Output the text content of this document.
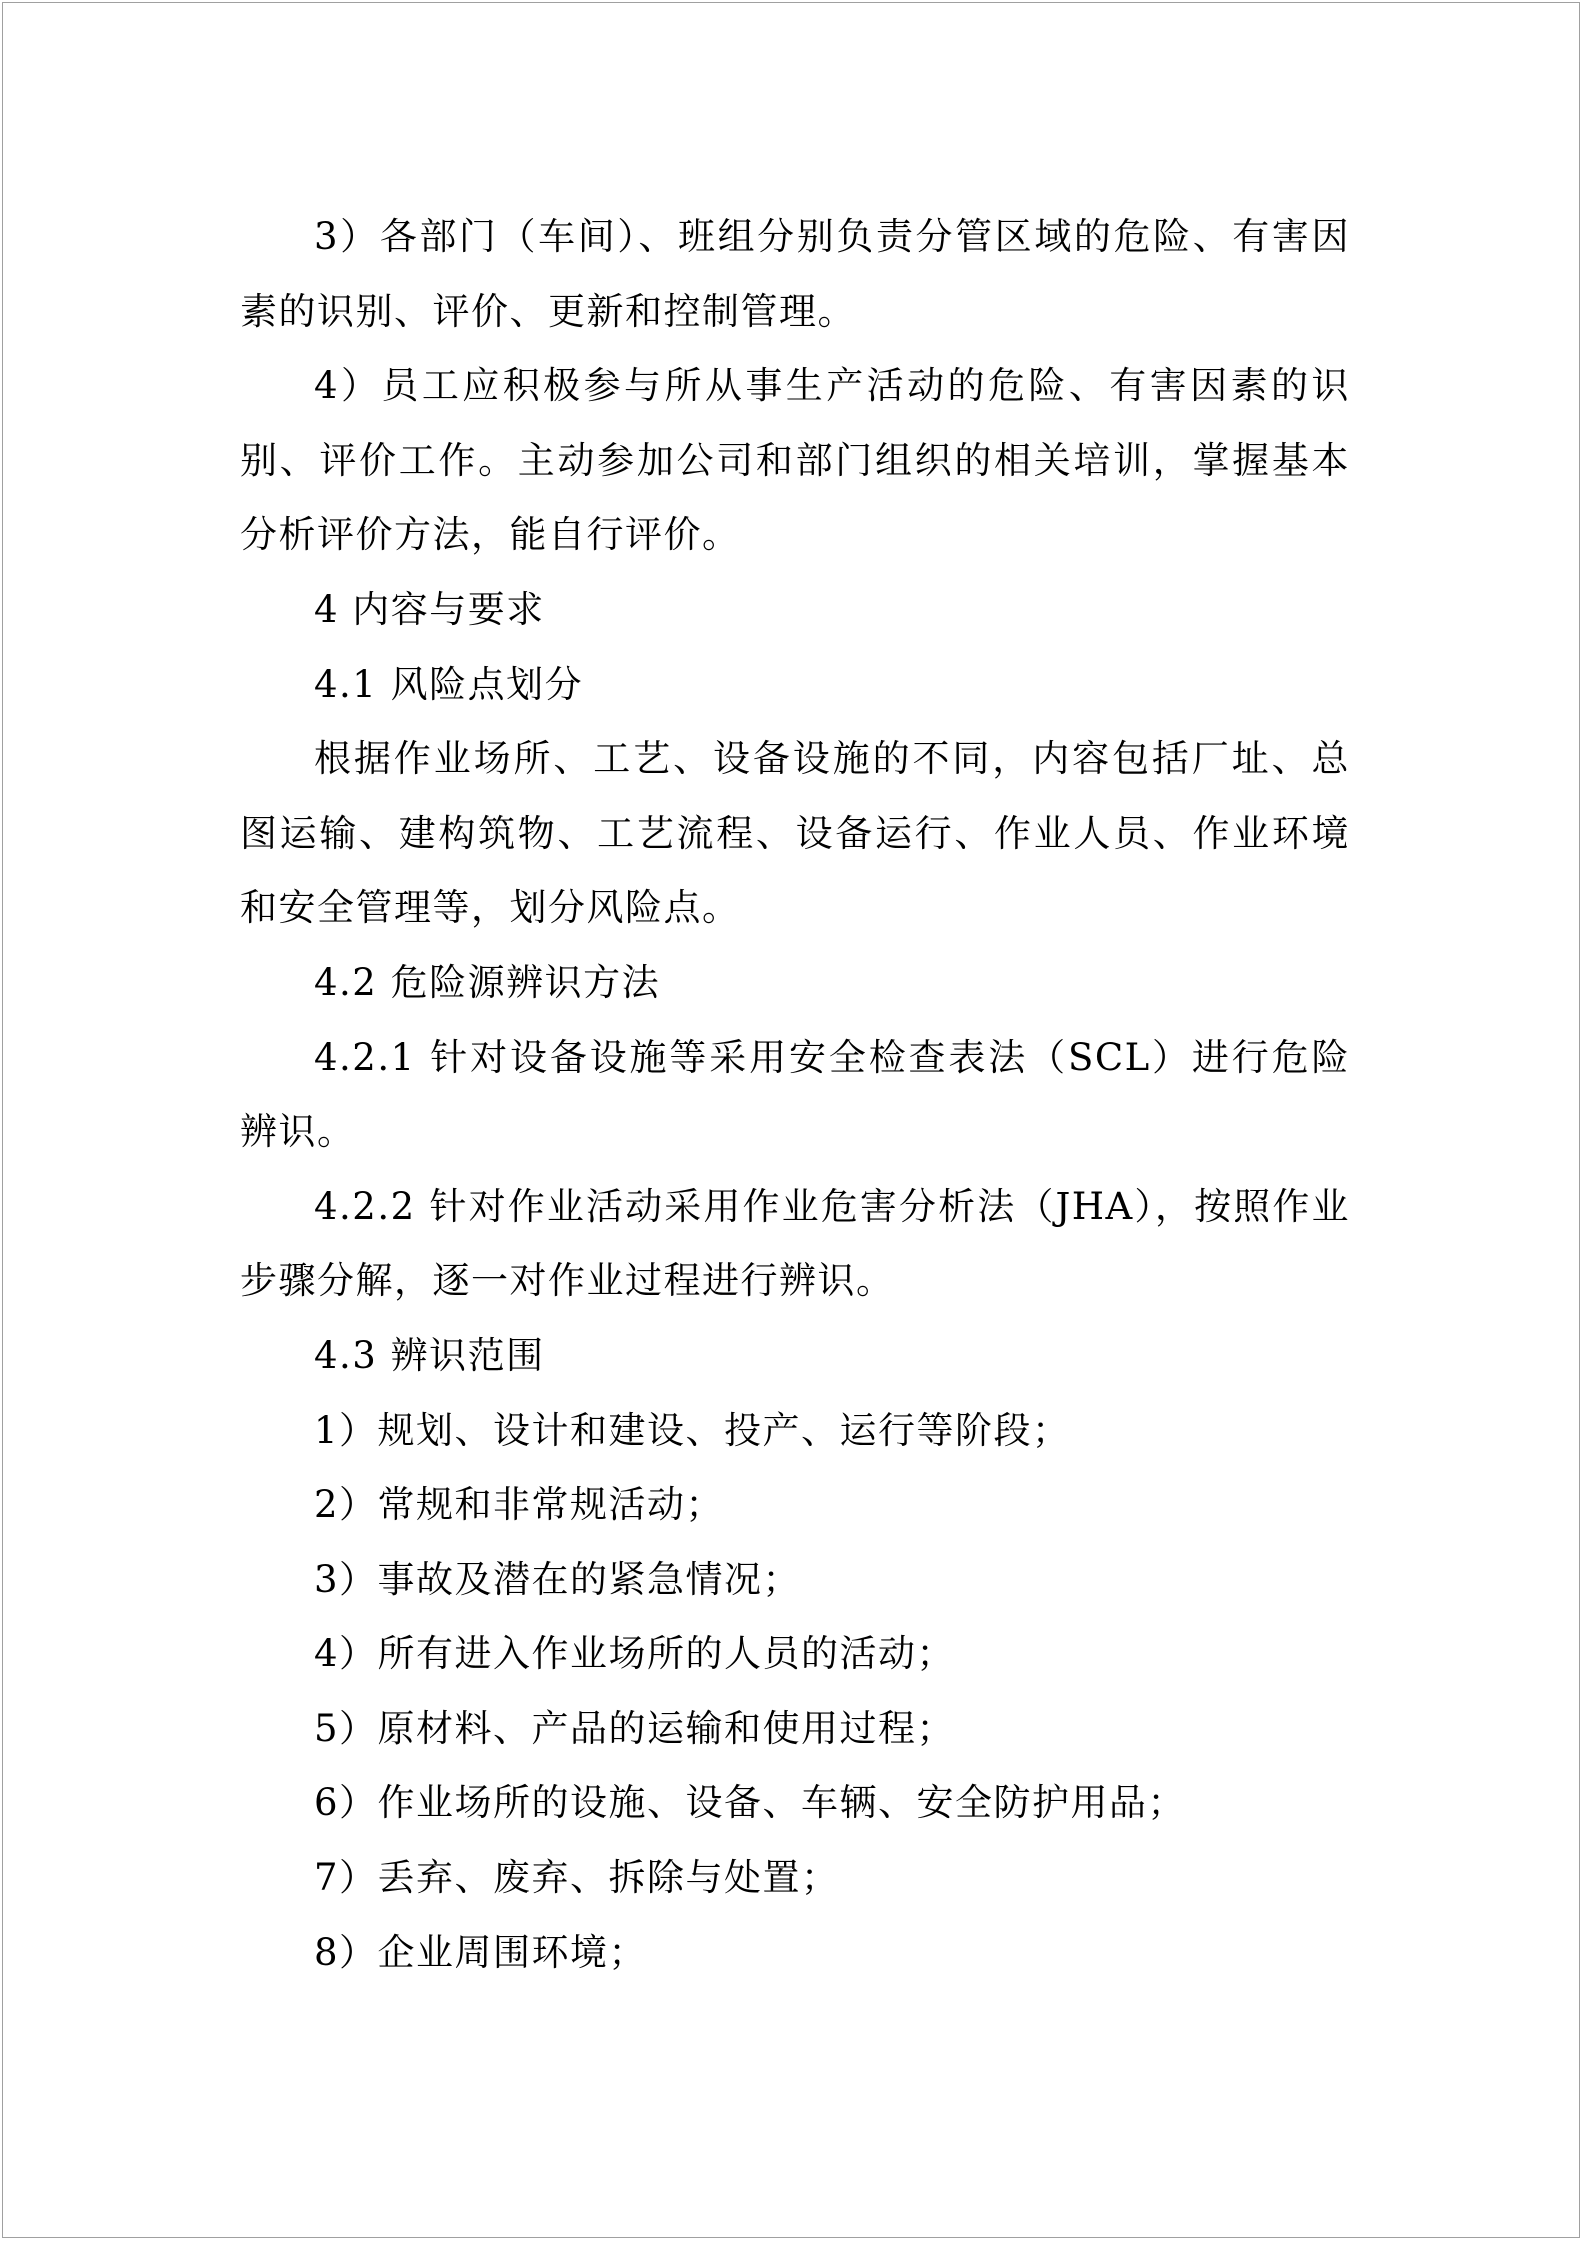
3）各部门（车间）、班组分别负责分管区域的危险、有害因素的识别、评价、更新和控制管理。

4）员工应积极参与所从事生产活动的危险、有害因素的识别、评价工作。主动参加公司和部门组织的相关培训，掌握基本分析评价方法，能自行评价。

4 内容与要求

4.1 风险点划分

根据作业场所、工艺、设备设施的不同，内容包括厂址、总图运输、建构筑物、工艺流程、设备运行、作业人员、作业环境和安全管理等，划分风险点。

4.2 危险源辨识方法

4.2.1 针对设备设施等采用安全检查表法（SCL）进行危险辨识。

4.2.2 针对作业活动采用作业危害分析法（JHA），按照作业步骤分解，逐一对作业过程进行辨识。

4.3 辨识范围

1）规划、设计和建设、投产、运行等阶段；

2）常规和非常规活动；

3）事故及潜在的紧急情况；

4）所有进入作业场所的人员的活动；

5）原材料、产品的运输和使用过程；

6）作业场所的设施、设备、车辆、安全防护用品；

7）丢弃、废弃、拆除与处置；

8）企业周围环境；
